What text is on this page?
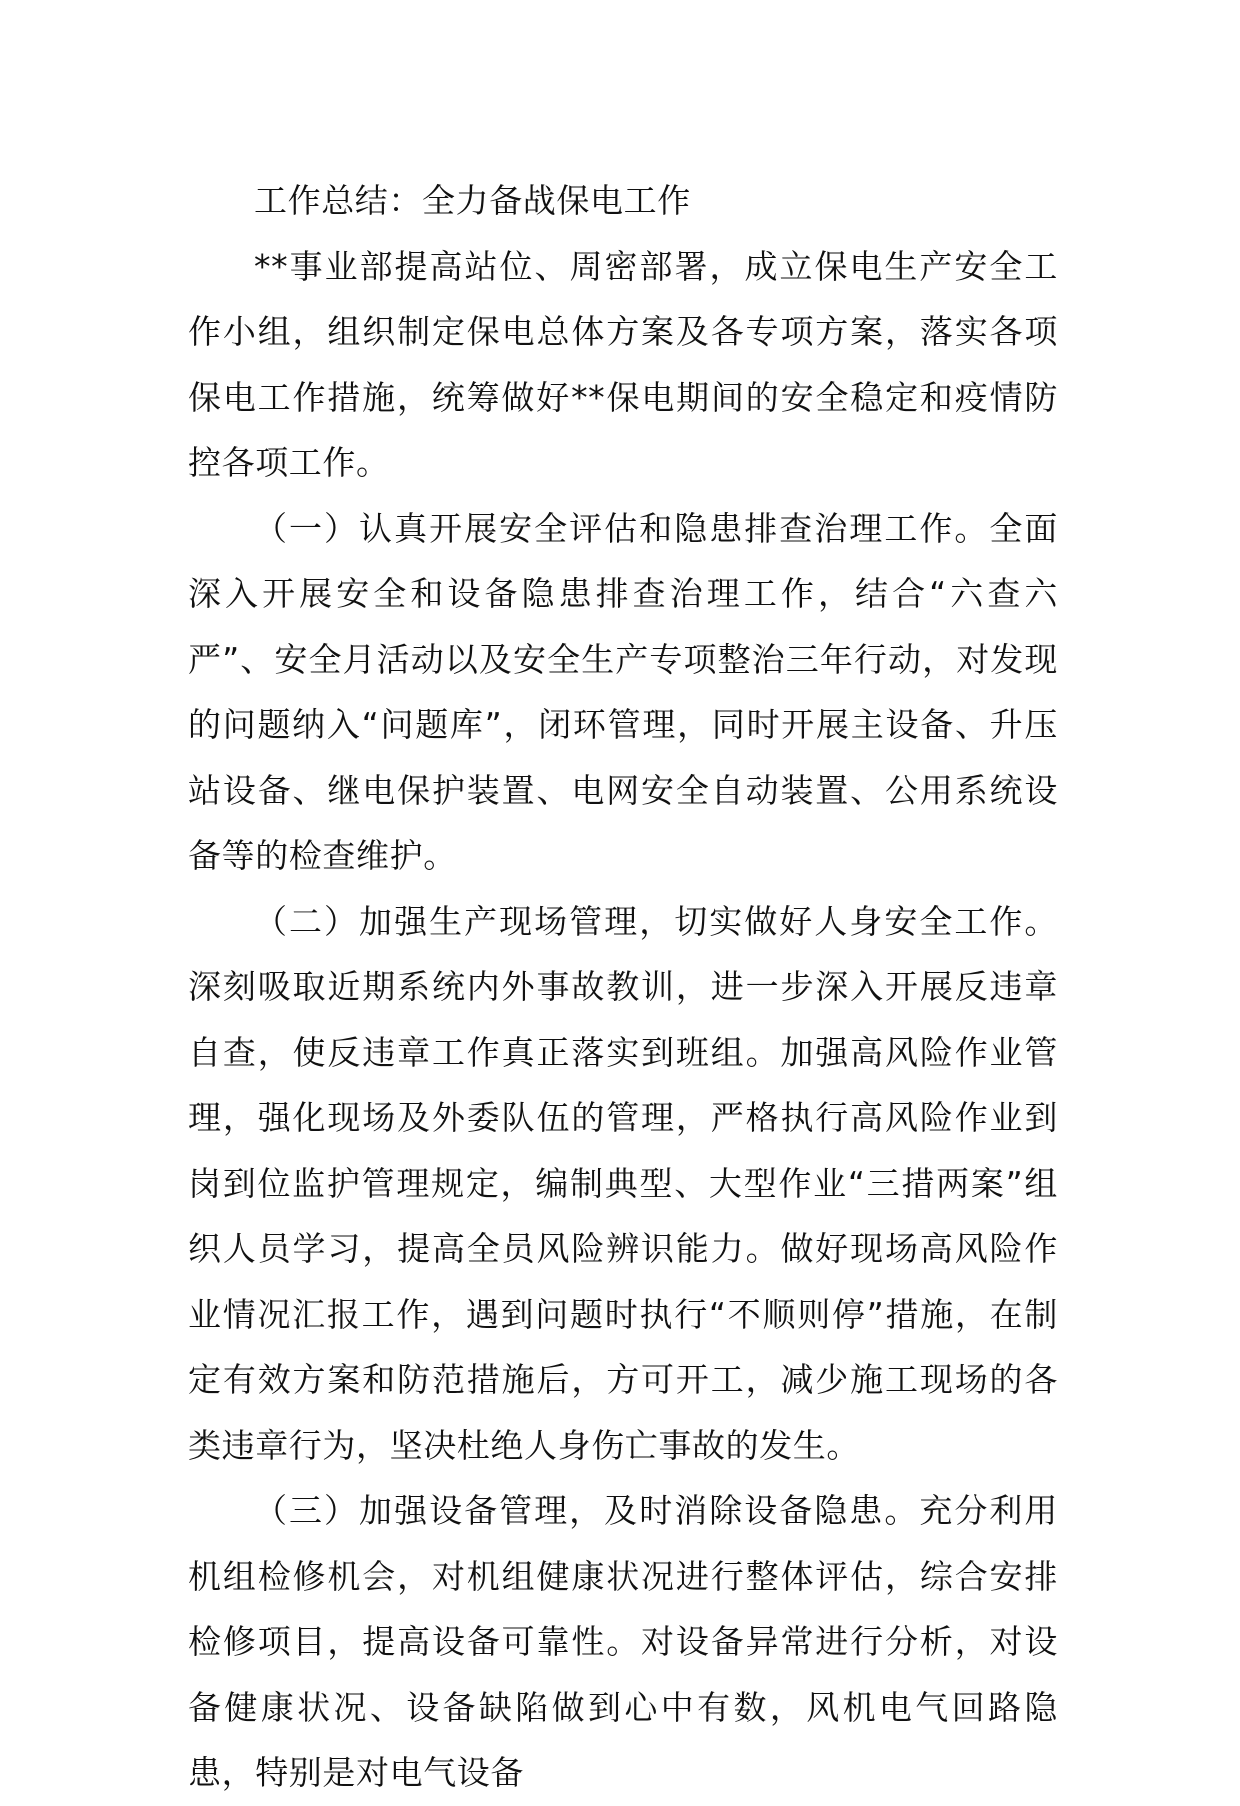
工作总结：全力备战保电工作

**事业部提高站位、周密部署，成立保电生产安全工作小组，组织制定保电总体方案及各专项方案，落实各项保电工作措施，统筹做好**保电期间的安全稳定和疫情防控各项工作。

（一）认真开展安全评估和隐患排查治理工作。全面深入开展安全和设备隐患排查治理工作，结合“六查六严”、安全月活动以及安全生产专项整治三年行动，对发现的问题纳入“问题库”，闭环管理，同时开展主设备、升压站设备、继电保护装置、电网安全自动装置、公用系统设备等的检查维护。

（二）加强生产现场管理，切实做好人身安全工作。深刻吸取近期系统内外事故教训，进一步深入开展反违章自查，使反违章工作真正落实到班组。加强高风险作业管理，强化现场及外委队伍的管理，严格执行高风险作业到岗到位监护管理规定，编制典型、大型作业“三措两案”组织人员学习，提高全员风险辨识能力。做好现场高风险作业情况汇报工作，遇到问题时执行“不顺则停”措施，在制定有效方案和防范措施后，方可开工，减少施工现场的各类违章行为，坚决杜绝人身伤亡事故的发生。

（三）加强设备管理，及时消除设备隐患。充分利用机组检修机会，对机组健康状况进行整体评估，综合安排检修项目，提高设备可靠性。对设备异常进行分析，对设备健康状况、设备缺陷做到心中有数，风机电气回路隐患，特别是对电气设备
